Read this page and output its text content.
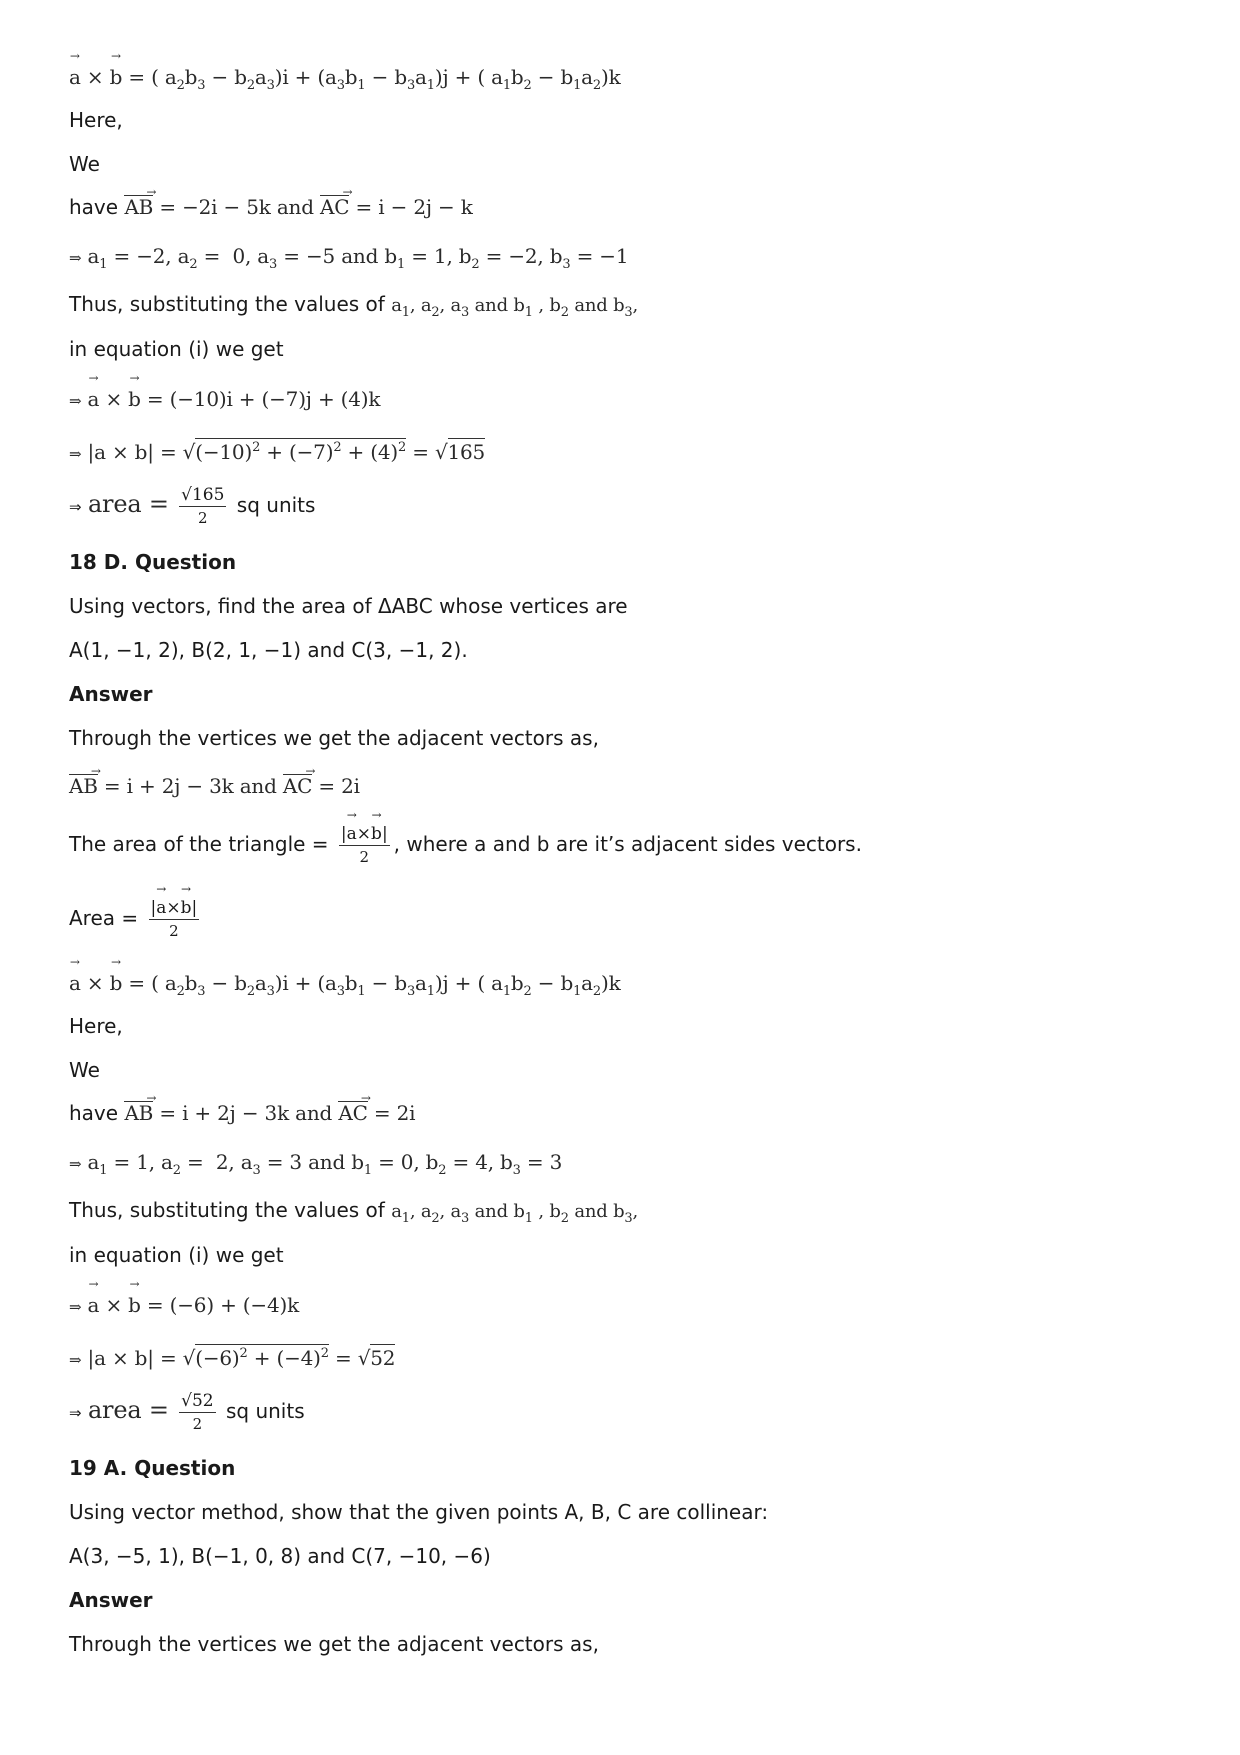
→ a × → b = ( $a_2b_3 - b_2a_3)i + (a_3b_1 - b_3a_1)j$ + ( $a_1b_2 - b_1a_2)k$
Here,
We
have AB → = −2i − 5k and AC → = i − 2j − k
⇒ $a_1 = -2$, $a_2 = 0$, $a_3 = -5$ and $b_1 = 1$, $b_2 = -2$, $b_3 = -1$
Thus, substituting the values of $a_1$, $a_2$, $a_3$ and $b_1$ , $b_2$ and $b_3$,
in equation (i) we get
⇒ → a × → b = (−10)i + (−7)j + (4)k
⇒ $|a \times b| = √(-10)^2 + (-7)^2 + (4)^2 = √165$
⇒ area = $\frac{√165}{2}$ sq units
18 D. Question
Using vectors, find the area of ΔABC whose vertices are
A(1, −1, 2), B(2, 1, −1) and C(3, −1, 2).
Answer
Through the vertices we get the adjacent vectors as,
AB → = i + 2j − 3k and AC → = 2i
The area of the triangle = $\frac{|\to a\times\to b|}{2}$ , where a and b are it’s adjacent sides vectors.
Area = $\frac{|\to a\times\to b|}{2}$
→ a × → b = ( $a_2b_3 - b_2a_3)i + (a_3b_1 - b_3a_1)j$ + ( $a_1b_2 - b_1a_2)k$
Here,
We
have AB → = i + 2j − 3k and AC → = 2i
⇒ $a_1 = 1$, $a_2 = 2$, $a_3 = 3$ and $b_1 = 0$, $b_2 = 4$, $b_3 = 3$
Thus, substituting the values of $a_1$, $a_2$, $a_3$ and $b_1$ , $b_2$ and $b_3$,
in equation (i) we get
⇒ → a × → b = (−6) + (−4)k
⇒ $|a \times b| = √(-6)^2 + (-4)^2 = √52$
⇒ area = $\frac{√52}{2}$ sq units
19 A. Question
Using vector method, show that the given points A, B, C are collinear:
A(3, −5, 1), B(−1, 0, 8) and C(7, −10, −6)
Answer
Through the vertices we get the adjacent vectors as,
